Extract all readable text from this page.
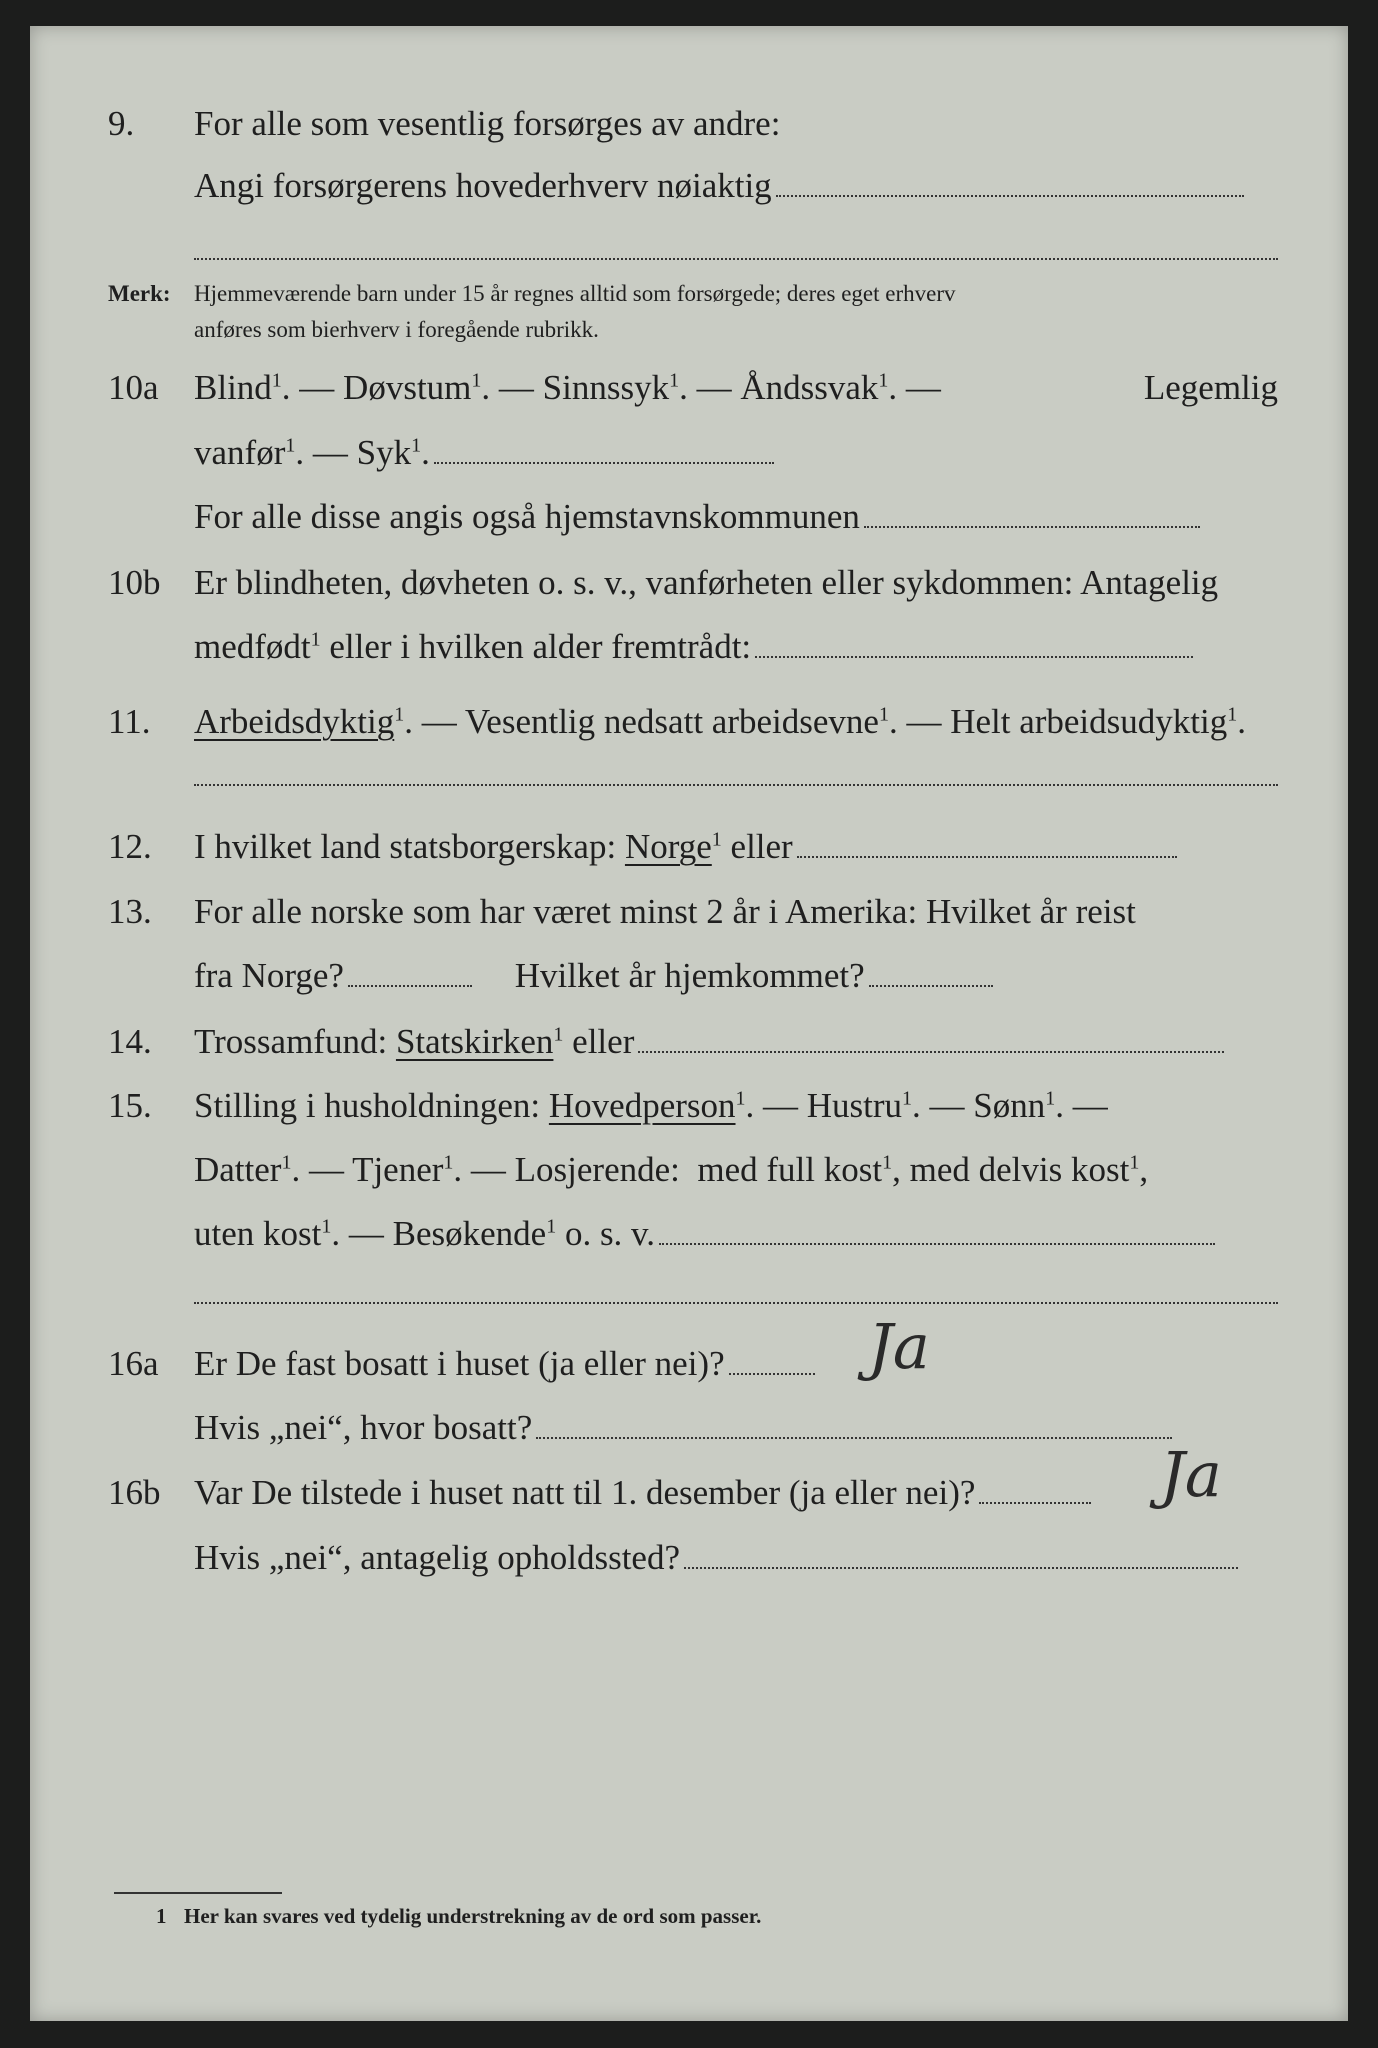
9. For alle som vesentlig forsørges av andre:
Angi forsørgerens hovederhverv nøiaktig
Merk: Hjemmeværende barn under 15 år regnes alltid som forsørgede; deres eget erhverv
anføres som bierhverv i foregående rubrikk.
10a Blind$^1$. — Døvstum$^1$. — Sinnssyk$^1$. — Åndssvak$^1$. —	Legemlig
vanfør$^1$. — Syk$^1$.
For alle disse angis også hjemstavnskommunen
10b Er blindheten, døvheten o. s. v., vanførheten eller sykdommen: Antagelig
medfødt$^1$ eller i hvilken alder fremtrådt:
11. Arbeidsdyktig$^1$. — Vesentlig nedsatt arbeidsevne$^1$. — Helt arbeidsudyktig$^1$.
12. I hvilket land statsborgerskap: Norge$^1$ eller
13. For alle norske som har været minst 2 år i Amerika: Hvilket år reist
fra Norge?	Hvilket år hjemkommet?
14. Trossamfund: Statskirken$^1$ eller
15. Stilling i husholdningen: Hovedperson$^1$. — Hustru$^1$. — Sønn$^1$. —
Datter$^1$. — Tjener$^1$. — Losjerende: med full kost$^1$, med delvis kost$^1$,
uten kost$^1$. — Besøkende$^1$ o. s. v.
16a Er De fast bosatt i huset (ja eller nei)?	Ja
Hvis „nei“, hvor bosatt?
16b Var De tilstede i huset natt til 1. desember (ja eller nei)?	Ja
Hvis „nei“, antagelig opholdssted?
1 Her kan svares ved tydelig understrekning av de ord som passer.
